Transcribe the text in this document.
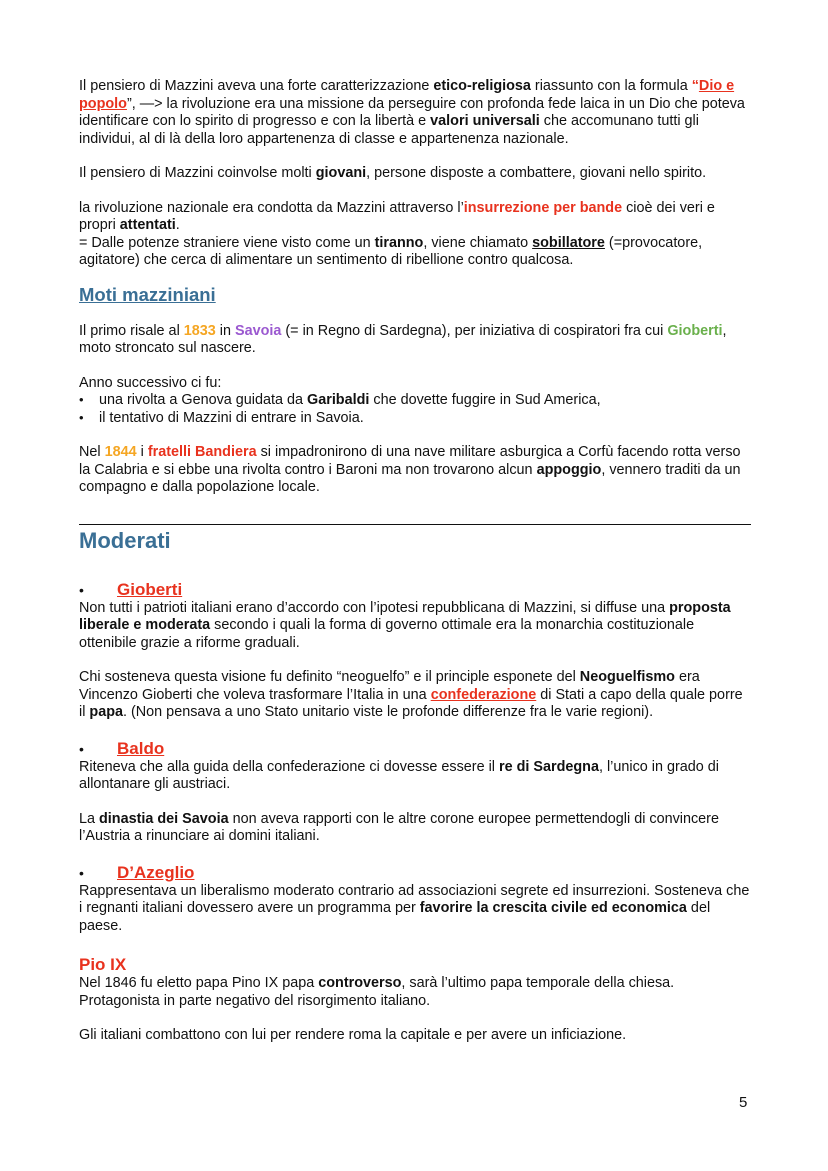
Il pensiero di Mazzini aveva una forte caratterizzazione etico-religiosa riassunto con la formula “Dio e popolo”, —> la rivoluzione era una missione da perseguire con profonda fede laica in un Dio che poteva identificare con lo spirito di progresso e con la libertà e valori universali che accomunano tutti gli individui, al di là della loro appartenenza di classe e appartenenza nazionale.

Il pensiero di Mazzini coinvolse molti giovani, persone disposte a combattere, giovani nello spirito.

la rivoluzione nazionale era condotta da Mazzini attraverso l’insurrezione per bande cioè dei veri e propri attentati.

= Dalle potenze straniere viene visto come un tiranno, viene chiamato sobillatore (=provocatore, agitatore) che cerca di alimentare un sentimento di ribellione contro qualcosa.

Moti mazziniani

Il primo risale al 1833 in Savoia (= in Regno di Sardegna), per iniziativa di cospiratori fra cui Gioberti, moto stroncato sul nascere.

Anno successivo ci fu:

• una rivolta a Genova guidata da Garibaldi che dovette fuggire in Sud America,
• il tentativo di Mazzini di entrare in Savoia.

Nel 1844 i fratelli Bandiera si impadronirono di una nave militare asburgica a Corfù facendo rotta verso la Calabria e si ebbe una rivolta contro i Baroni ma non trovarono alcun appoggio, vennero traditi da un compagno e dalla popolazione locale.

Moderati
•	Gioberti

Non tutti i patrioti italiani erano d’accordo con l’ipotesi repubblicana di Mazzini, si diffuse una proposta liberale e moderata secondo i quali la forma di governo ottimale era la monarchia costituzionale ottenibile grazie a riforme graduali.

Chi sosteneva questa visione fu definito “neoguelfo” e il principle esponete del Neoguelfismo era Vincenzo Gioberti che voleva trasformare l’Italia in una confederazione di Stati a capo della quale porre il papa. (Non pensava a uno Stato unitario viste le profonde differenze fra le varie regioni).

•	Baldo

Riteneva che alla guida della confederazione ci dovesse essere il re di Sardegna, l’unico in grado di allontanare gli austriaci.

La dinastia dei Savoia non aveva rapporti con le altre corone europee permettendogli di convincere l’Austria a rinunciare ai domini italiani.

•	D’Azeglio

Rappresentava un liberalismo moderato contrario ad associazioni segrete ed insurrezioni. Sosteneva che i regnanti italiani dovessero avere un programma per favorire la crescita civile ed economica del paese.

Pio IX

Nel 1846 fu eletto papa Pino IX papa controverso, sarà l’ultimo papa temporale della chiesa. Protagonista in parte negativo del risorgimento italiano.

Gli italiani combattono con lui per rendere roma la capitale e per avere un inficiazione.

5
